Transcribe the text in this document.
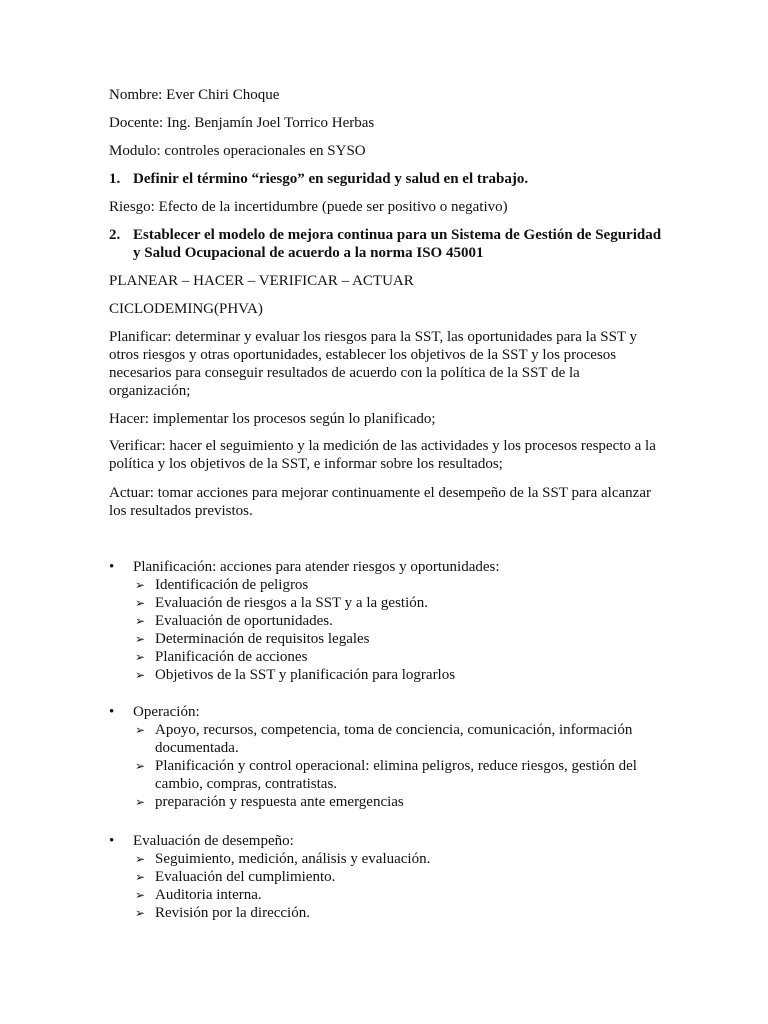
Nombre: Ever Chiri Choque

Docente: Ing. Benjamín Joel Torrico Herbas

Modulo: controles operacionales en SYSO

1. Definir el término “riesgo” en seguridad y salud en el trabajo.

Riesgo: Efecto de la incertidumbre (puede ser positivo o negativo)

2. Establecer el modelo de mejora continua para un Sistema de Gestión de Seguridad y Salud Ocupacional de acuerdo a la norma ISO 45001

PLANEAR – HACER – VERIFICAR – ACTUAR

CICLODEMING(PHVA)

Planificar: determinar y evaluar los riesgos para la SST, las oportunidades para la SST y otros riesgos y otras oportunidades, establecer los objetivos de la SST y los procesos necesarios para conseguir resultados de acuerdo con la política de la SST de la organización;

Hacer: implementar los procesos según lo planificado;

Verificar: hacer el seguimiento y la medición de las actividades y los procesos respecto a la política y los objetivos de la SST, e informar sobre los resultados;

Actuar: tomar acciones para mejorar continuamente el desempeño de la SST para alcanzar los resultados previstos.

•	Planificación: acciones para atender riesgos y oportunidades:
➢ Identificación de peligros
➢ Evaluación de riesgos a la SST y a la gestión.
➢ Evaluación de oportunidades.
➢ Determinación de requisitos legales
➢ Planificación de acciones
➢ Objetivos de la SST y planificación para lograrlos
•	Operación:
➢ Apoyo, recursos, competencia, toma de conciencia, comunicación, información documentada.
➢ Planificación y control operacional: elimina peligros, reduce riesgos, gestión del cambio, compras, contratistas.
➢ preparación y respuesta ante emergencias
•	Evaluación de desempeño:
➢ Seguimiento, medición, análisis y evaluación.
➢ Evaluación del cumplimiento.
➢ Auditoria interna.
➢ Revisión por la dirección.
